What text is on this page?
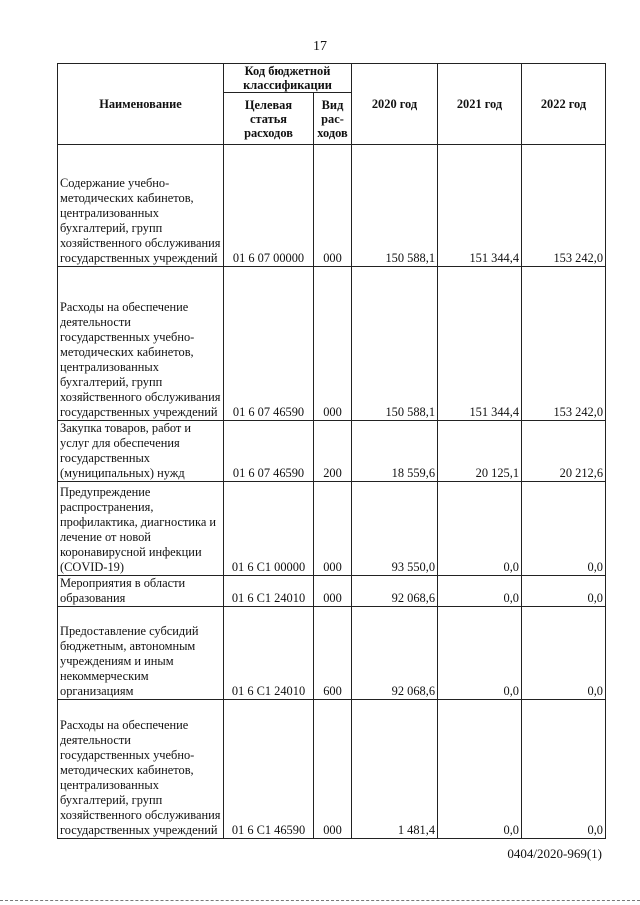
17
Наименование	Код бюджетной классификации		2020 год	2021 год	2022 год
	Целевая статья расходов	Вид рас-ходов			
Содержание учебно-методических кабинетов, централизованных бухгалтерий, групп хозяйственного обслуживания государственных учреждений	01 6 07 00000	000	150 588,1	151 344,4	153 242,0
Расходы на обеспечение деятельности государственных учебно-методических кабинетов, централизованных бухгалтерий, групп хозяйственного обслуживания государственных учреждений	01 6 07 46590	000	150 588,1	151 344,4	153 242,0
Закупка товаров, работ и услуг для обеспечения государственных (муниципальных) нужд	01 6 07 46590	200	18 559,6	20 125,1	20 212,6
Предупреждение распространения, профилактика, диагностика и лечение от новой коронавирусной инфекции (COVID-19)	01 6 C1 00000	000	93 550,0	0,0	0,0
Мероприятия в области образования	01 6 C1 24010	000	92 068,6	0,0	0,0
Предоставление субсидий бюджетным, автономным учреждениям и иным некоммерческим организациям	01 6 C1 24010	600	92 068,6	0,0	0,0
Расходы на обеспечение деятельности государственных учебно-методических кабинетов, централизованных бухгалтерий, групп хозяйственного обслуживания государственных учреждений	01 6 C1 46590	000	1 481,4	0,0	0,0
0404/2020-969(1)
